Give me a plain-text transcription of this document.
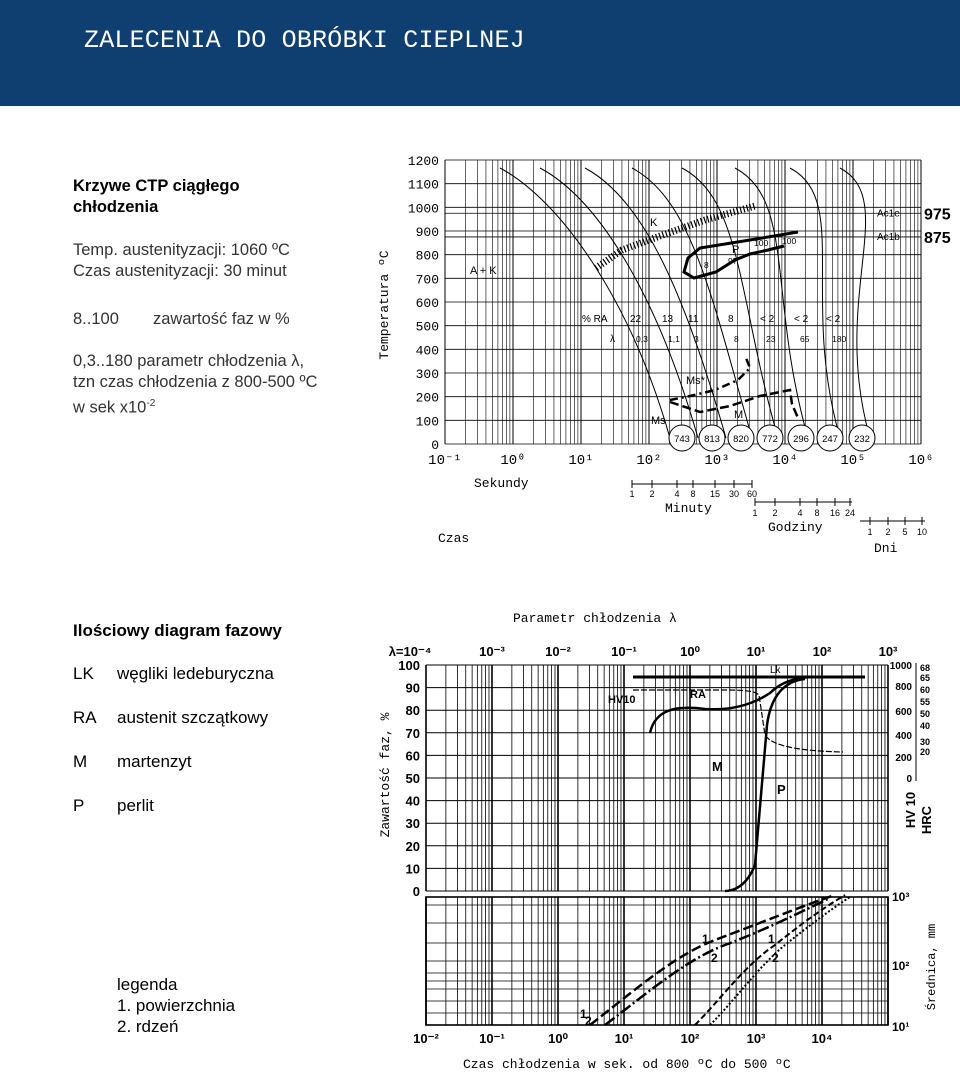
ZALECENIA DO OBRÓBKI CIEPLNEJ
Krzywe CTP ciągłego
chłodzenia
Temp. austenityzacji: 1060 ºC
Czas austenityzacji: 30 minut
8..100 zawartość faz w %
0,3..180 parametr chłodzenia λ,
tzn czas chłodzenia z 800-500 ºC
w sek $x10^{-2}$
Ilościowy diagram fazowy
LK węgliki ledeburyczna
RA austenit szczątkowy
M martenzyt
P perlit
legenda
1. powierzchnia
2. rdzeń
1200
1100
1000
900
800
700
600
500
400
300
200
100
0
10⁻¹	10⁰	10¹	10²	10³	10⁴	10⁵	10⁶
Temperatura ºC
Sekundy
Czas
1 2 4 8 15 30 60
Minuty	1 2 4 8 16 24
Godziny	1 2 5 10
Dni
Ac1e 975
Ac1b 875
A + K
K
P
M
Ms
Ms*
8 97
100 100
% RA 22 13 11	8	< 2 < 2 < 2
λ 0,3 1,1 3	8	23	65	180
743 813 820 772 296 247 232
Parametr chłodzenia λ
λ=10⁻⁴	10⁻³	10⁻²	10⁻¹	10⁰	10¹	10²	10³
100
90
80
70
60
50
40
30
20
10
0
Zawartość faz, %
1000
800
600
400
200
0
68
65
60
55
50
40
30
20
HV 10 HRC
HV10	RA
Lk
M
P
10³
10²
10¹
Średnica, mm
10⁻²	10⁻¹	10⁰	10¹	10²	10³	10⁴
Czas chłodzenia w sek. od 800 ºC do 500 ºC
1
2
1
2
1
2
